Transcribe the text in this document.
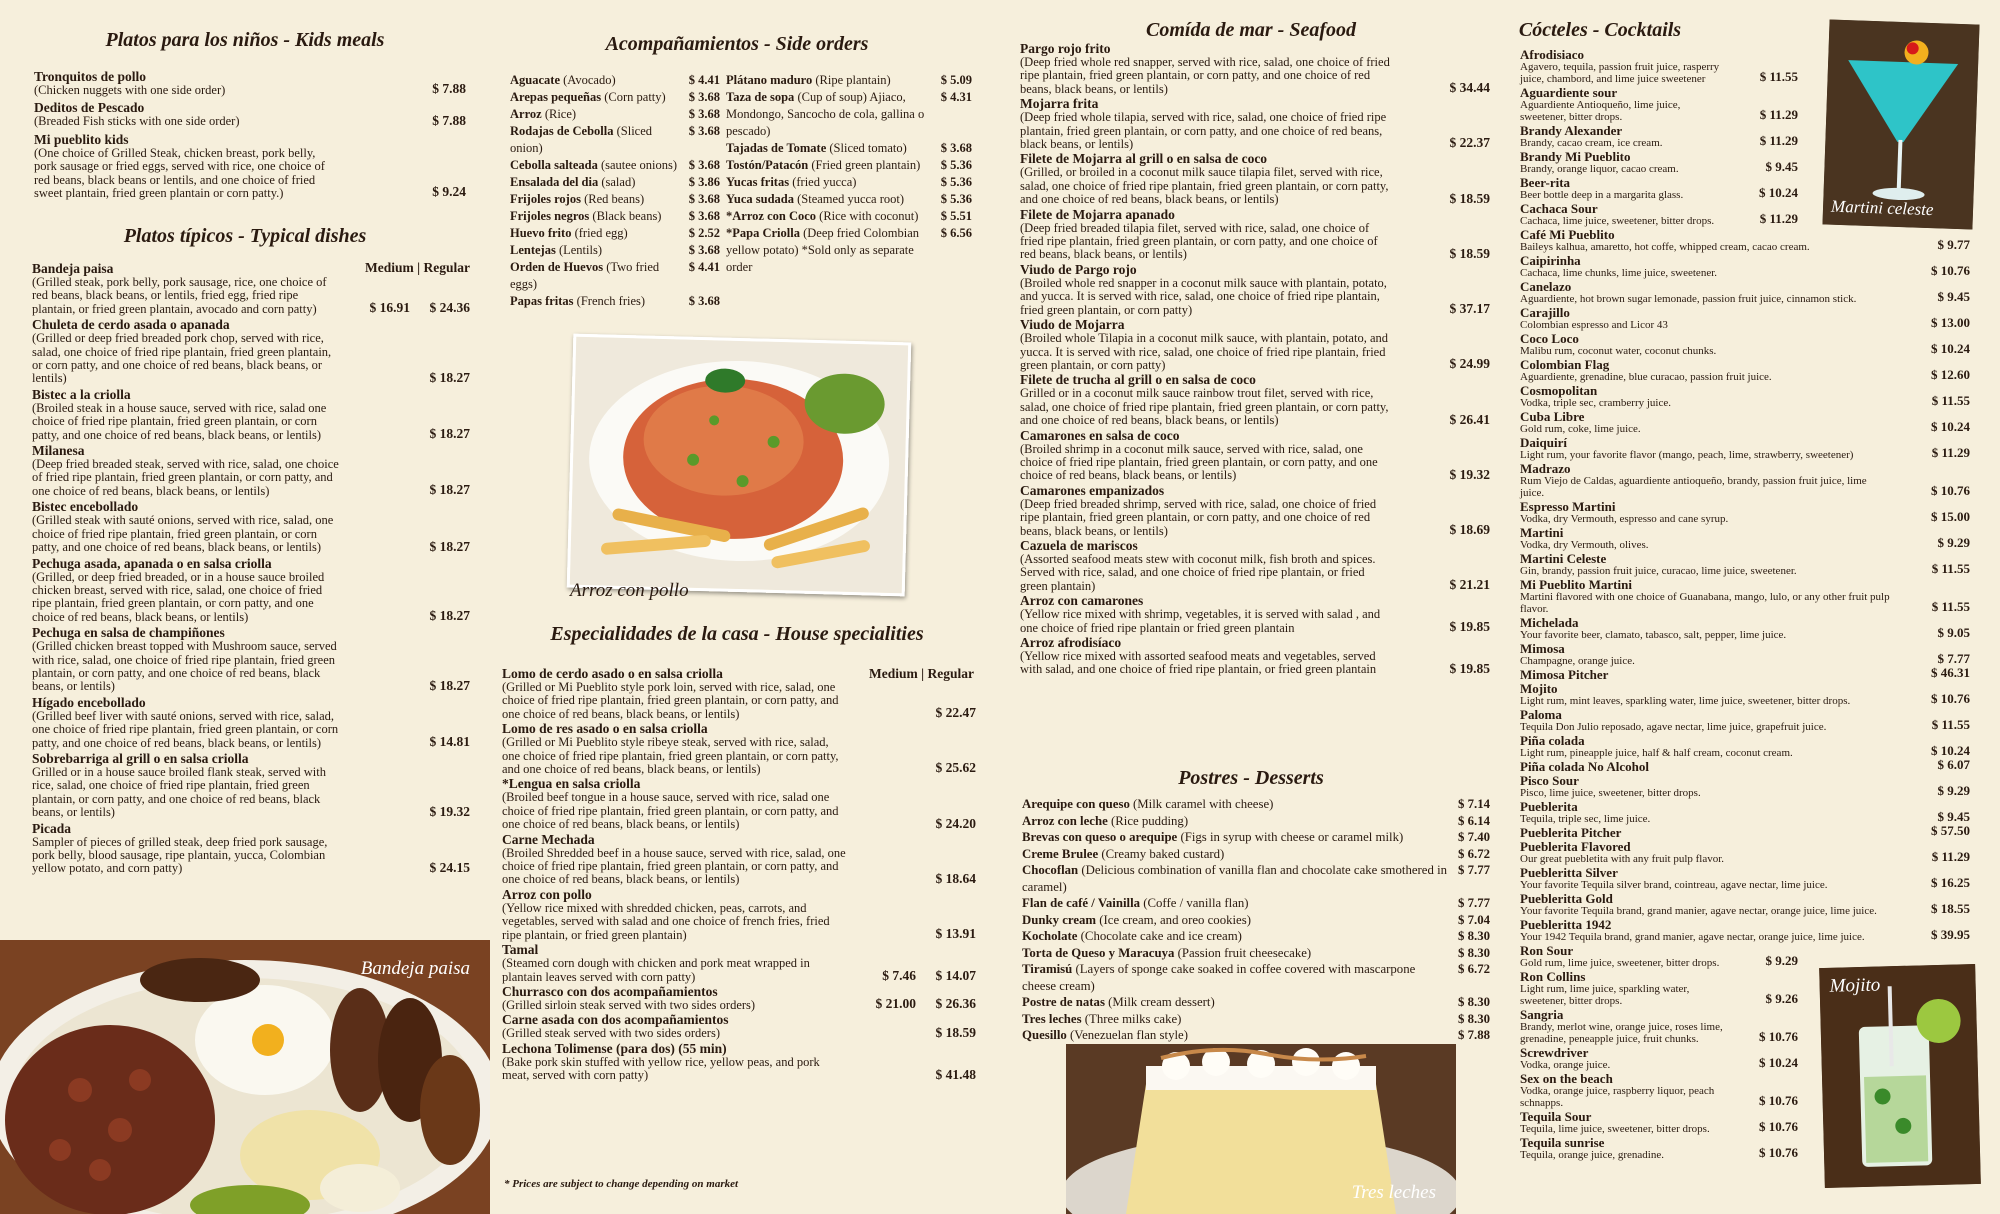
Platos para los niños - Kids meals
Tronquitos de pollo
(Chicken nuggets with one side order)	$ 7.88
Deditos de Pescado
(Breaded Fish sticks with one side order)	$ 7.88
Mi pueblito kids
(One choice of Grilled Steak, chicken breast, pork belly, pork sausage or fried eggs, served with rice, one choice of red beans, black beans or lentils, and one choice of fried sweet plantain, fried green plantain or corn patty.)	$ 9.24
Platos típicos - Typical dishes
Medium | Regular
Bandeja paisa
(Grilled steak, pork belly, pork sausage, rice, one choice of red beans, black beans, or lentils, fried egg, fried ripe plantain, or fried green plantain, avocado and corn patty)	$ 16.91 $ 24.36
Chuleta de cerdo asada o apanada
(Grilled or deep fried breaded pork chop, served with rice, salad, one choice of fried ripe plantain, fried green plantain, or corn patty, and one choice of red beans, black beans, or lentils)	$ 18.27
Bistec a la criolla
(Broiled steak in a house sauce, served with rice, salad one choice of fried ripe plantain, fried green plantain, or corn patty, and one choice of red beans, black beans, or lentils)	$ 18.27
Milanesa
(Deep fried breaded steak, served with rice, salad, one choice of fried ripe plantain, fried green plantain, or corn patty, and one choice of red beans, black beans, or lentils)	$ 18.27
Bistec encebollado
(Grilled steak with sauté onions, served with rice, salad, one choice of fried ripe plantain, fried green plantain, or corn patty, and one choice of red beans, black beans, or lentils)	$ 18.27
Pechuga asada, apanada o en salsa criolla
(Grilled, or deep fried breaded, or in a house sauce broiled chicken breast, served with rice, salad, one choice of fried ripe plantain, fried green plantain, or corn patty, and one choice of red beans, black beans, or lentils)	$ 18.27
Pechuga en salsa de champiñones
(Grilled chicken breast topped with Mushroom sauce, served with rice, salad, one choice of fried ripe plantain, fried green plantain, or corn patty, and one choice of red beans, black beans, or lentils)	$ 18.27
Hígado encebollado
(Grilled beef liver with sauté onions, served with rice, salad, one choice of fried ripe plantain, fried green plantain, or corn patty, and one choice of red beans, black beans, or lentils)	$ 14.81
Sobrebarriga al grill o en salsa criolla
Grilled or in a house sauce broiled flank steak, served with rice, salad, one choice of fried ripe plantain, fried green plantain, or corn patty, and one choice of red beans, black beans, or lentils)	$ 19.32
Picada
Sampler of pieces of grilled steak, deep fried pork sausage, pork belly, blood sausage, ripe plantain, yucca, Colombian yellow potato, and corn patty)	$ 24.15
Bandeja paisa
Acompañamientos - Side orders
Aguacate (Avocado)	$ 4.41
Arepas pequeñas (Corn patty)	$ 3.68
Arroz (Rice)	$ 3.68
Rodajas de Cebolla (Sliced onion)
$ 3.68
Cebolla salteada (sautee onions) $ 3.68
Ensalada del dia (salad)	$ 3.86
Frijoles rojos (Red beans)	$ 3.68
Frijoles negros (Black beans)	$ 3.68
Huevo frito (fried egg)	$ 2.52
Lentejas (Lentils)	$ 3.68
Orden de Huevos (Two fried eggs)
$ 4.41
Papas fritas (French fries)	$ 3.68
Plátano maduro (Ripe plantain)	$ 5.09
Taza de sopa (Cup of soup) Ajiaco, Mondongo, Sancocho de cola, gallina o pescado)
$ 4.31
Tajadas de Tomate (Sliced tomato)	$ 3.68
Tostón/Patacón (Fried green plantain)	$ 5.36
Yucas fritas (fried yucca)	$ 5.36
Yuca sudada (Steamed yucca root)	$ 5.36
*Arroz con Coco (Rice with coconut)	$ 5.51
*Papa Criolla (Deep fried Colombian yellow potato) *Sold only as separate order
$ 6.56
Arroz con pollo
Especialidades de la casa - House specialities
Medium | Regular
Lomo de cerdo asado o en salsa criolla
(Grilled or Mi Pueblito style pork loin, served with rice, salad, one choice of fried ripe plantain, fried green plantain, or corn patty, and one choice of red beans, black beans, or lentils)	$ 22.47
Lomo de res asado o en salsa criolla
(Grilled or Mi Pueblito style ribeye steak, served with rice, salad, one choice of fried ripe plantain, fried green plantain, or corn patty, and one choice of red beans, black beans, or lentils)	$ 25.62
*Lengua en salsa criolla
(Broiled beef tongue in a house sauce, served with rice, salad one choice of fried ripe plantain, fried green plantain, or corn patty, and one choice of red beans, black beans, or lentils)	$ 24.20
Carne Mechada
(Broiled Shredded beef in a house sauce, served with rice, salad, one choice of fried ripe plantain, fried green plantain, or corn patty, and one choice of red beans, black beans, or lentils)	$ 18.64
Arroz con pollo
(Yellow rice mixed with shredded chicken, peas, carrots, and vegetables, served with salad and one choice of french fries, fried ripe plantain, or fried green plantain)	$ 13.91
Tamal
(Steamed corn dough with chicken and pork meat wrapped in plantain leaves served with corn patty)	$ 7.46 $ 14.07
Churrasco con dos acompañamientos
(Grilled sirloin steak served with two sides orders)	$ 21.00 $ 26.36
Carne asada con dos acompañamientos
(Grilled steak served with two sides orders)	$ 18.59
Lechona Tolimense (para dos) (55 min)
(Bake pork skin stuffed with yellow rice, yellow peas, and pork meat, served with corn patty)	$ 41.48
* Prices are subject to change depending on market
Comída de mar - Seafood
Pargo rojo frito
(Deep fried whole red snapper, served with rice, salad, one choice of fried ripe plantain, fried green plantain, or corn patty, and one choice of red beans, black beans, or lentils)	$ 34.44
Mojarra frita
(Deep fried whole tilapia, served with rice, salad, one choice of fried ripe plantain, fried green plantain, or corn patty, and one choice of red beans, black beans, or lentils)	$ 22.37
Filete de Mojarra al grill o en salsa de coco
(Grilled, or broiled in a coconut milk sauce tilapia filet, served with rice, salad, one choice of fried ripe plantain, fried green plantain, or corn patty, and one choice of red beans, black beans, or lentils)	$ 18.59
Filete de Mojarra apanado
(Deep fried breaded tilapia filet, served with rice, salad, one choice of fried ripe plantain, fried green plantain, or corn patty, and one choice of red beans, black beans, or lentils)	$ 18.59
Viudo de Pargo rojo
(Broiled whole red snapper in a coconut milk sauce with plantain, potato, and yucca. It is served with rice, salad, one choice of fried ripe plantain, fried green plantain, or corn patty)	$ 37.17
Viudo de Mojarra
(Broiled whole Tilapia in a coconut milk sauce, with plantain, potato, and yucca. It is served with rice, salad, one choice of fried ripe plantain, fried green plantain, or corn patty)	$ 24.99
Filete de trucha al grill o en salsa de coco
Grilled or in a coconut milk sauce rainbow trout filet, served with rice, salad, one choice of fried ripe plantain, fried green plantain, or corn patty, and one choice of red beans, black beans, or lentils)	$ 26.41
Camarones en salsa de coco
(Broiled shrimp in a coconut milk sauce, served with rice, salad, one choice of fried ripe plantain, fried green plantain, or corn patty, and one choice of red beans, black beans, or lentils)	$ 19.32
Camarones empanizados
(Deep fried breaded shrimp, served with rice, salad, one choice of fried ripe plantain, fried green plantain, or corn patty, and one choice of red beans, black beans, or lentils)	$ 18.69
Cazuela de mariscos
(Assorted seafood meats stew with coconut milk, fish broth and spices. Served with rice, salad, and one choice of fried ripe plantain, or fried green plantain)	$ 21.21
Arroz con camarones
(Yellow rice mixed with shrimp, vegetables, it is served with salad , and one choice of fried ripe plantain or fried green plantain	$ 19.85
Arroz afrodisíaco
(Yellow rice mixed with assorted seafood meats and vegetables, served with salad, and one choice of fried ripe plantain, or fried green plantain	$ 19.85
Postres - Desserts
Arequipe con queso (Milk caramel with cheese)	$ 7.14
Arroz con leche (Rice pudding)	$ 6.14
Brevas con queso o arequipe (Figs in syrup with cheese or caramel milk)	$ 7.40
Creme Brulee (Creamy baked custard)	$ 6.72
Chocoflan (Delicious combination of vanilla flan and chocolate cake smothered in caramel)
$ 7.77
Flan de café / Vainilla (Coffe / vanilla flan)	$ 7.77
Dunky cream (Ice cream, and oreo cookies)	$ 7.04
Kocholate (Chocolate cake and ice cream)	$ 8.30
Torta de Queso y Maracuya (Passion fruit cheesecake)	$ 8.30
Tiramisú (Layers of sponge cake soaked in coffee covered with mascarpone cheese cream)
$ 6.72
Postre de natas (Milk cream dessert)	$ 8.30
Tres leches (Three milks cake)	$ 8.30
Quesillo (Venezuelan flan style)	$ 7.88
Tres leches
Cócteles - Cocktails
Afrodisiaco
Agavero, tequila, passion fruit juice, rasperry juice, chambord, and lime juice sweetener	$ 11.55
Aguardiente sour
Aguardiente Antioqueño, lime juice, sweetener, bitter drops.	$ 11.29
Brandy Alexander
Brandy, cacao cream, ice cream.	$ 11.29
Brandy Mi Pueblito
Brandy, orange liquor, cacao cream.	$ 9.45
Beer-rita
Beer bottle deep in a margarita glass.	$ 10.24
Cachaca Sour
Cachaca, lime juice, sweetener, bitter drops.	$ 11.29
Café Mi Pueblito
Baileys kalhua, amaretto, hot coffe, whipped cream, cacao cream.	$ 9.77
Caipirinha
Cachaca, lime chunks, lime juice, sweetener.	$ 10.76
Canelazo
Aguardiente, hot brown sugar lemonade, passion fruit juice, cinnamon stick.	$ 9.45
Carajillo
Colombian espresso and Licor 43	$ 13.00
Coco Loco
Malibu rum, coconut water, coconut chunks.	$ 10.24
Colombian Flag
Aguardiente, grenadine, blue curacao, passion fruit juice.	$ 12.60
Cosmopolitan
Vodka, triple sec, cramberry juice.	$ 11.55
Cuba Libre
Gold rum, coke, lime juice.	$ 10.24
Daiquirí
Light rum, your favorite flavor (mango, peach, lime, strawberry, sweetener)	$ 11.29
Madrazo
Rum Viejo de Caldas, aguardiente antioqueño, brandy, passion fruit juice, lime juice.	$ 10.76
Espresso Martini
Vodka, dry Vermouth, espresso and cane syrup.	$ 15.00
Martini
Vodka, dry Vermouth, olives.	$ 9.29
Martini Celeste
Gin, brandy, passion fruit juice, curacao, lime juice, sweetener.	$ 11.55
Mi Pueblito Martini
Martini flavored with one choice of Guanabana, mango, lulo, or any other fruit pulp flavor.	$ 11.55
Michelada
Your favorite beer, clamato, tabasco, salt, pepper, lime juice.	$ 9.05
Mimosa
Champagne, orange juice.	$ 7.77
Mimosa Pitcher	$ 46.31
Mojito
Light rum, mint leaves, sparkling water, lime juice, sweetener, bitter drops.	$ 10.76
Paloma
Tequila Don Julio reposado, agave nectar, lime juice, grapefruit juice.	$ 11.55
Piña colada
Light rum, pineapple juice, half & half cream, coconut cream.	$ 10.24
Piña colada No Alcohol	$ 6.07
Pisco Sour
Pisco, lime juice, sweetener, bitter drops.	$ 9.29
Pueblerita
Tequila, triple sec, lime juice.	$ 9.45
Pueblerita Pitcher	$ 57.50
Pueblerita Flavored
Our great puebletita with any fruit pulp flavor.	$ 11.29
Puebleritta Silver
Your favorite Tequila silver brand, cointreau, agave nectar, lime juice.	$ 16.25
Puebleritta Gold
Your favorite Tequila brand, grand manier, agave nectar, orange juice, lime juice.	$ 18.55
Puebleritta 1942
Your 1942 Tequila brand, grand manier, agave nectar, orange juice, lime juice.	$ 39.95
Ron Sour
Gold rum, lime juice, sweetener, bitter drops.	$ 9.29
Ron Collins
Light rum, lime juice, sparkling water, sweetener, bitter drops.	$ 9.26
Sangria
Brandy, merlot wine, orange juice, roses lime, grenadine, peneapple juice, fruit chunks.	$ 10.76
Screwdriver
Vodka, orange juice.	$ 10.24
Sex on the beach
Vodka, orange juice, raspberry liquor, peach schnapps.	$ 10.76
Tequila Sour
Tequila, lime juice, sweetener, bitter drops.	$ 10.76
Tequila sunrise
Tequila, orange juice, grenadine.	$ 10.76
Martini celeste
Mojito
